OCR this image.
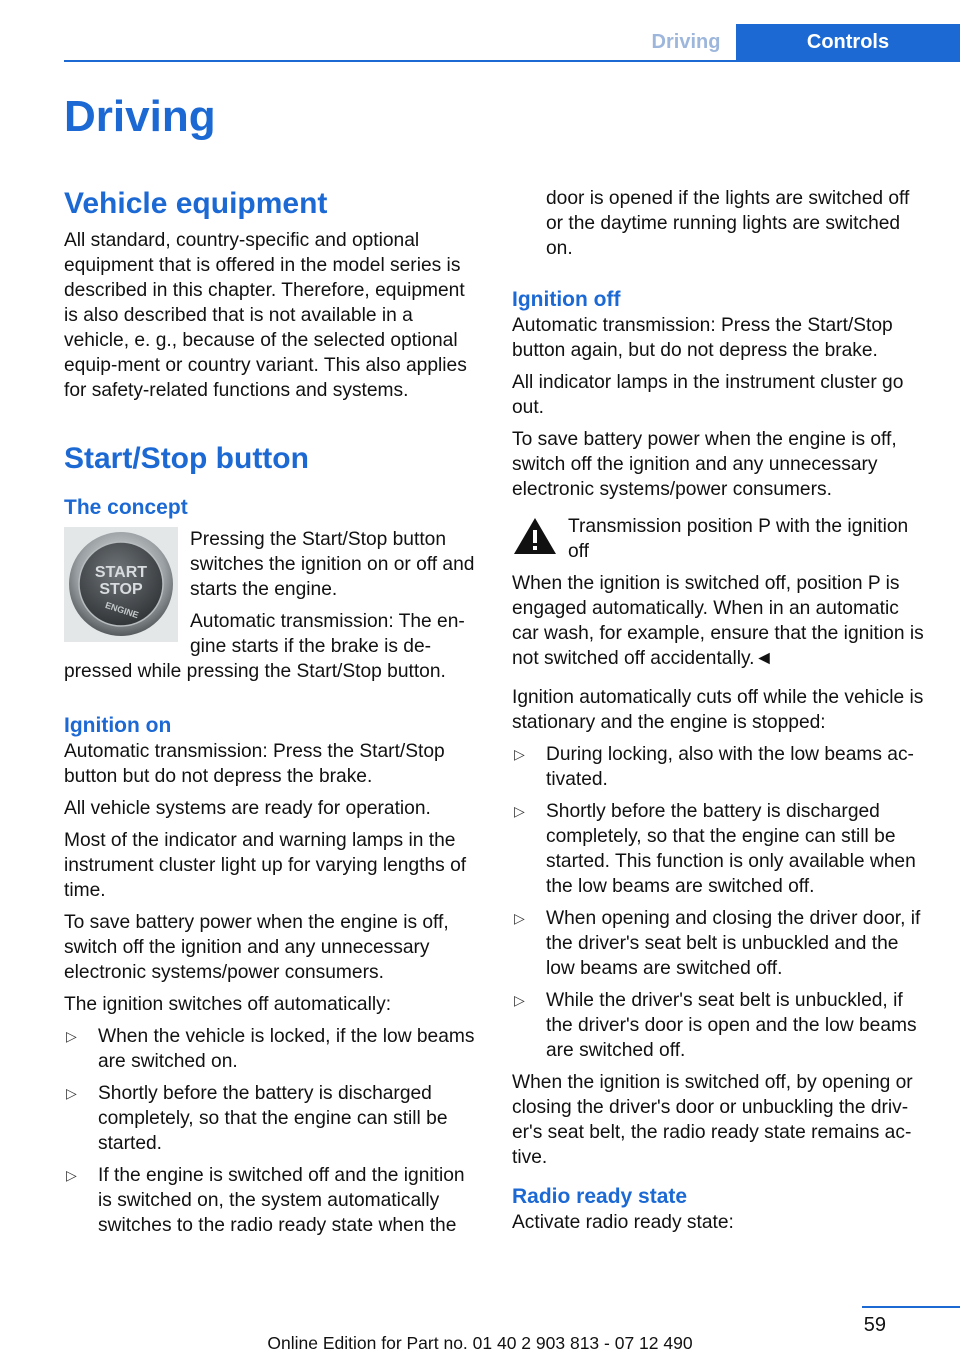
Driving	Controls
Driving
Vehicle equipment

All standard, country-specific and optional equipment that is offered in the model series is described in this chapter. Therefore, equipment is also described that is not available in a vehicle, e. g., because of the selected optional equip-ment or country variant. This also applies for safety-related functions and systems.

Start/Stop button
The concept
START
STOP
ENGINE

Pressing the Start/Stop button switches the ignition on or off and starts the engine.

Automatic transmission: The en-gine starts if the brake is de-pressed while pressing the Start/Stop button.

Ignition on

Automatic transmission: Press the Start/Stop button but do not depress the brake.

All vehicle systems are ready for operation.

Most of the indicator and warning lamps in the instrument cluster light up for varying lengths of time.

To save battery power when the engine is off, switch off the ignition and any unnecessary electronic systems/power consumers.

The ignition switches off automatically:

▷ When the vehicle is locked, if the low beams are switched on.
▷ Shortly before the battery is discharged completely, so that the engine can still be started.
▷ If the engine is switched off and the ignition is switched on, the system automatically switches to the radio ready state when the
door is opened if the lights are switched off or the daytime running lights are switched on.
Ignition off

Automatic transmission: Press the Start/Stop button again, but do not depress the brake.

All indicator lamps in the instrument cluster go out.

To save battery power when the engine is off, switch off the ignition and any unnecessary electronic systems/power consumers.

Transmission position P with the ignition off

When the ignition is switched off, position P is engaged automatically. When in an automatic car wash, for example, ensure that the ignition is not switched off accidentally.◄

Ignition automatically cuts off while the vehicle is stationary and the engine is stopped:

▷ During locking, also with the low beams ac-tivated.
▷ Shortly before the battery is discharged completely, so that the engine can still be started. This function is only available when the low beams are switched off.
▷ When opening and closing the driver door, if the driver's seat belt is unbuckled and the low beams are switched off.
▷ While the driver's seat belt is unbuckled, if the driver's door is open and the low beams are switched off.

When the ignition is switched off, by opening or closing the driver's door or unbuckling the driv-er's seat belt, the radio ready state remains ac-tive.

Radio ready state

Activate radio ready state:

59
Online Edition for Part no. 01 40 2 903 813 - 07 12 490
